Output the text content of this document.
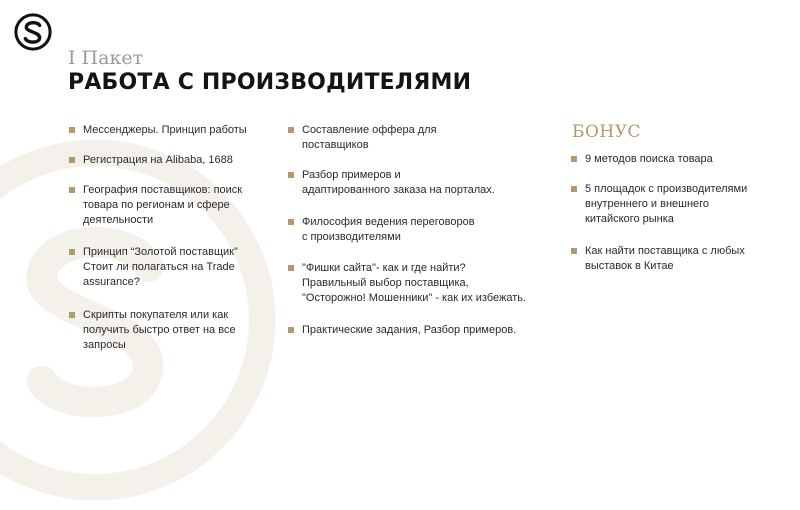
I Пакет
РАБОТА С ПРОИЗВОДИТЕЛЯМИ
Мессенджеры. Принцип работы
Регистрация на Alibaba, 1688
География поставщиков: поиск
товара по регионам и сфере
деятельности
Принцип “Золотой поставщик”
Стоит ли полагаться на Trade
assurance?
Скрипты покупателя или как
получить быстро ответ на все
запросы
Составление оффера для
поставщиков
Разбор примеров и
адаптированного заказа на порталах.
Философия ведения переговоров
с производителями
"Фишки сайта"- как и где найти?
Правильный выбор поставщика,
"Осторожно! Мошенники" - как их избежать.
Практические задания, Разбор примеров.
БОНУС
9 методов поиска товара
5 площадок с производителями
внутреннего и внешнего
китайского рынка
Как найти поставщика с любых
выставок в Китае
